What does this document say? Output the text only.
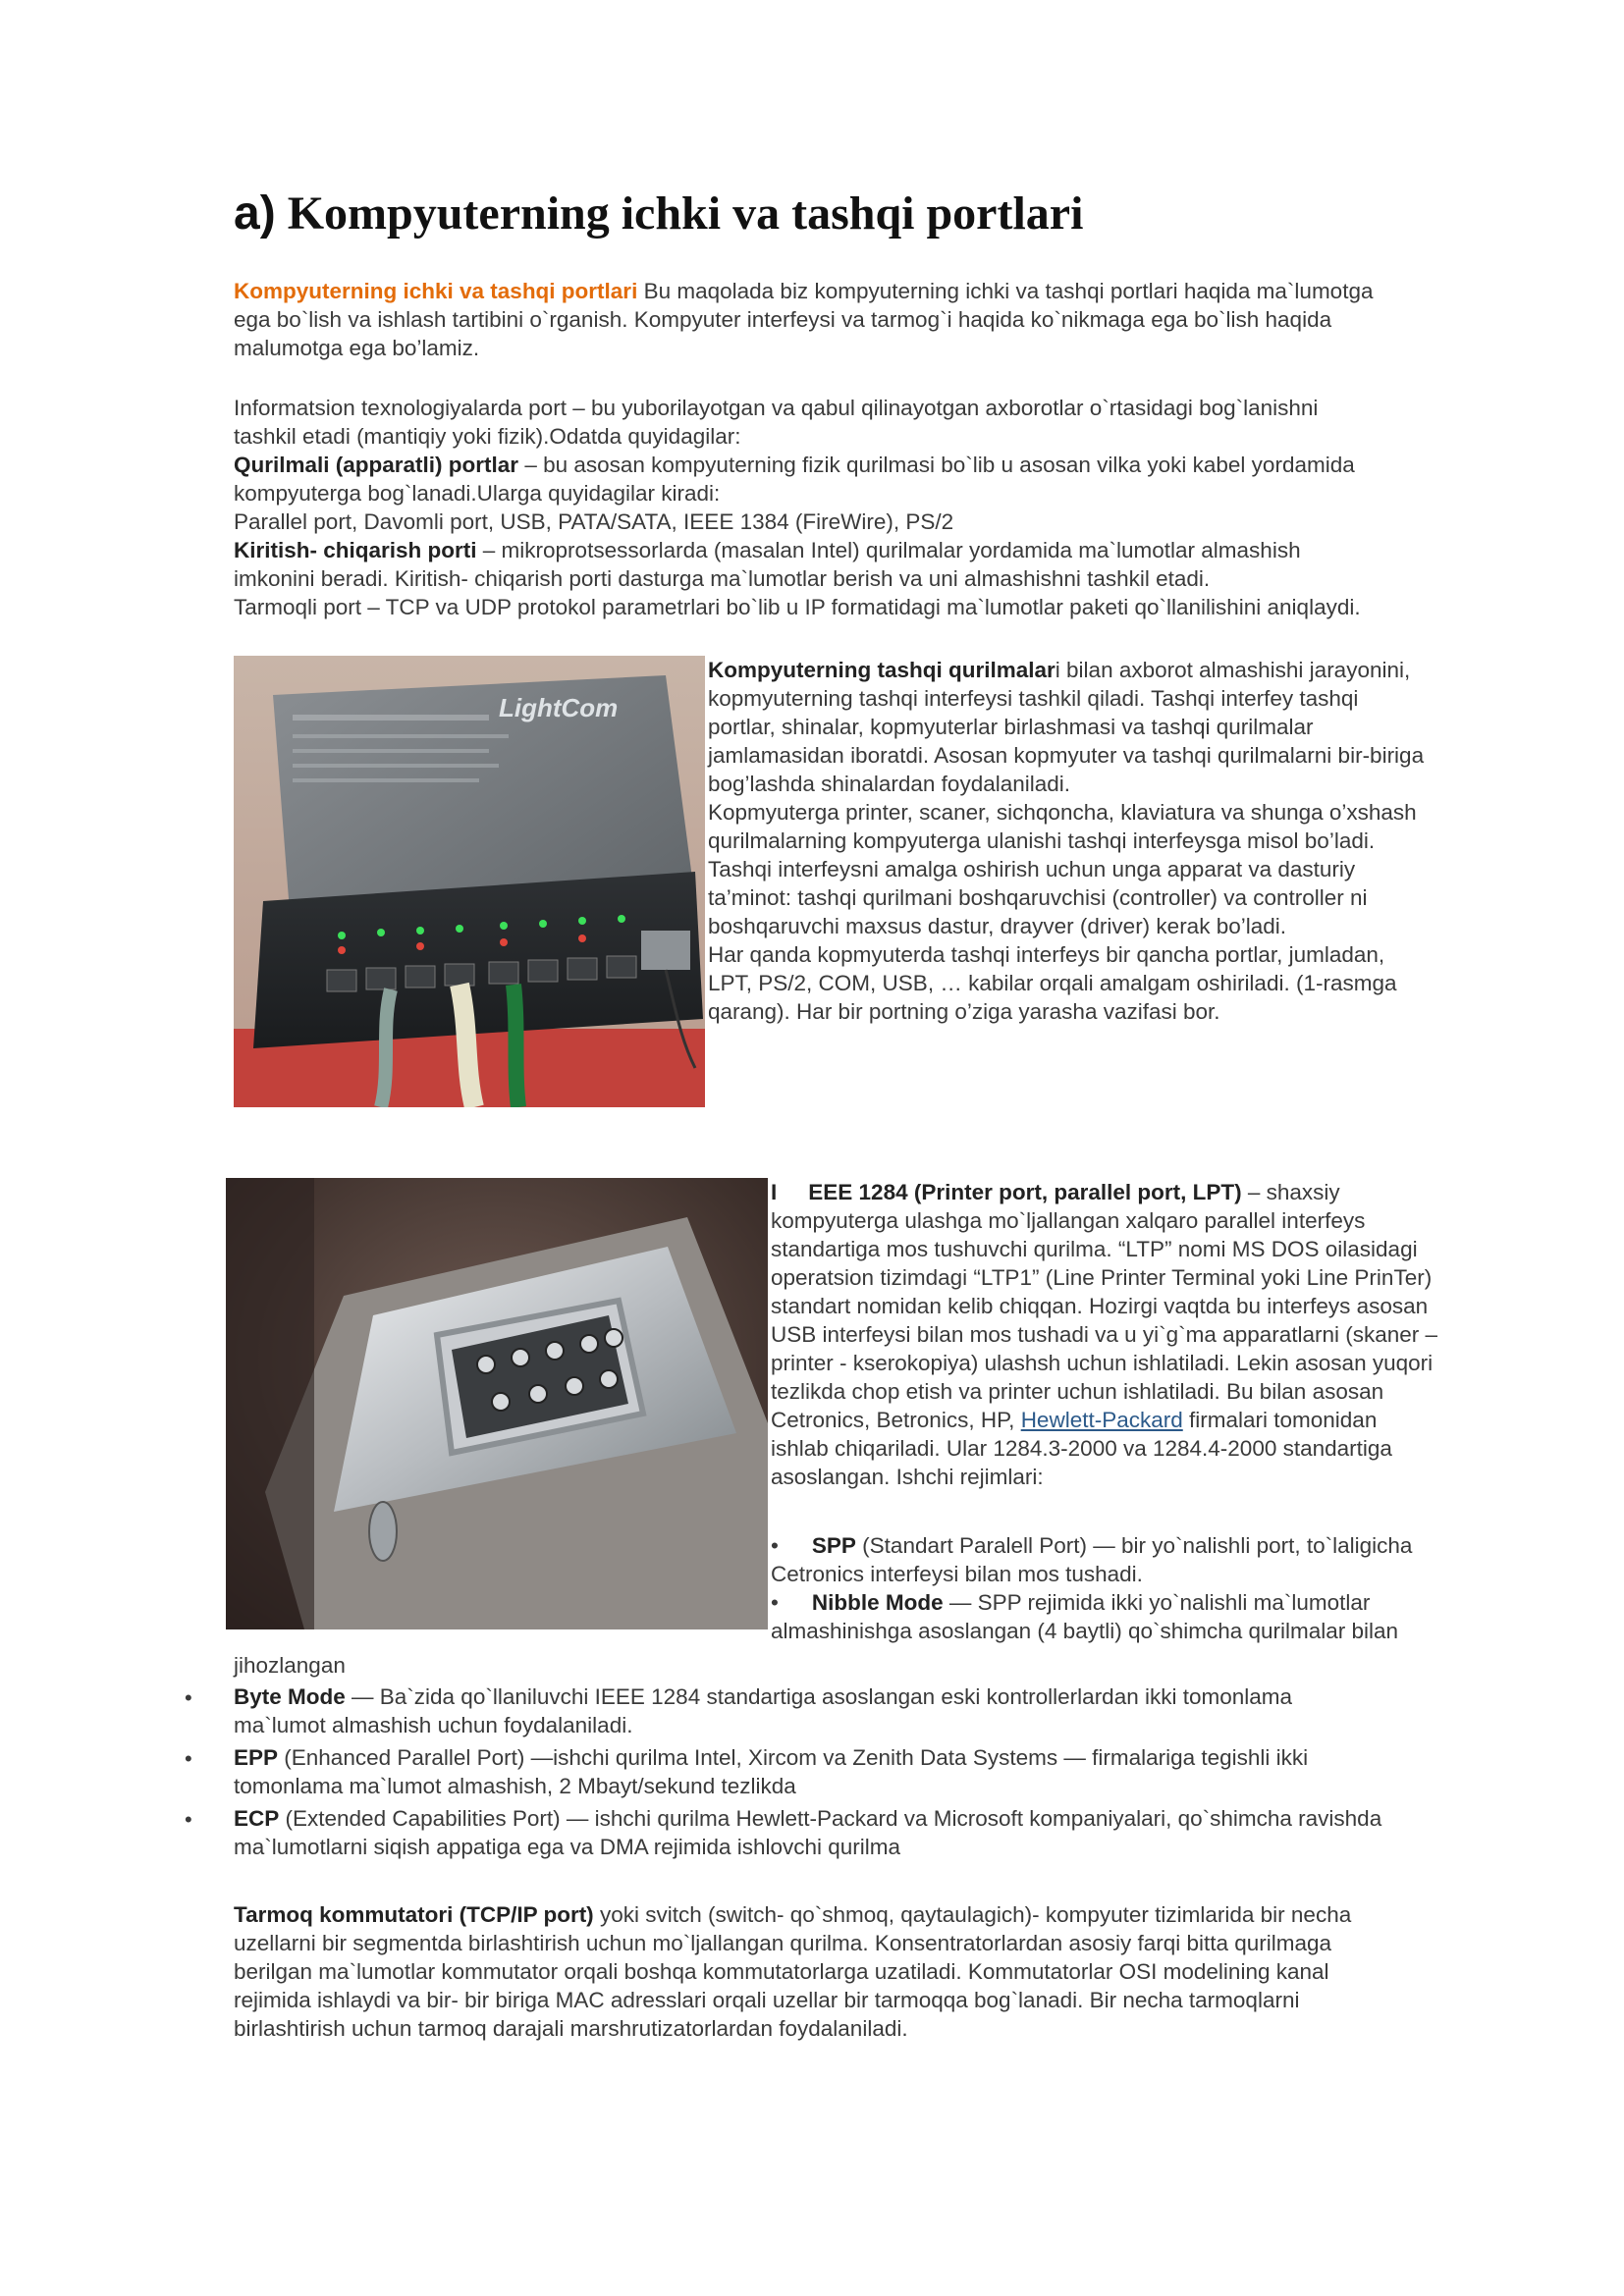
a) Kompyuterning ichki va tashqi portlari

Kompyuterning ichki va tashqi portlari Bu maqolada biz kompyuterning ichki va tashqi portlari haqida ma`lumotga

ega bo`lish va ishlash tartibini o`rganish. Kompyuter interfeysi va tarmog`i haqida ko`nikmaga ega bo`lish haqida

malumotga ega bo’lamiz.

Informatsion texnologiyalarda port – bu yuborilayotgan va qabul qilinayotgan axborotlar o`rtasidagi bog`lanishni

tashkil etadi (mantiqiy yoki fizik).Odatda quyidagilar:

Qurilmali (apparatli) portlar – bu asosan kompyuterning fizik qurilmasi bo`lib u asosan vilka yoki kabel yordamida

kompyuterga bog`lanadi.Ularga quyidagilar kiradi:

Parallel port, Davomli port, USB, PATA/SATA, IEEE 1384 (FireWire), PS/2

Kiritish- chiqarish porti – mikroprotsessorlarda (masalan Intel) qurilmalar yordamida ma`lumotlar almashish

imkonini beradi. Kiritish- chiqarish porti dasturga ma`lumotlar berish va uni almashishni tashkil etadi.

Tarmoqli port – TCP va UDP protokol parametrlari bo`lib u IP formatidagi ma`lumotlar paketi qo`llanilishini aniqlaydi.

LightCom

Kompyuterning tashqi qurilmalari bilan axborot almashishi jarayonini,

kopmyuterning tashqi interfeysi tashkil qiladi. Tashqi interfey tashqi

portlar, shinalar, kopmyuterlar birlashmasi va tashqi qurilmalar

jamlamasidan iboratdi. Asosan kopmyuter va tashqi qurilmalarni bir-biriga

bog’lashda shinalardan foydalaniladi.

Kopmyuterga printer, scaner, sichqoncha, klaviatura va shunga o’xshash

qurilmalarning kompyuterga ulanishi tashqi interfeysga misol bo’ladi.

Tashqi interfeysni amalga oshirish uchun unga apparat va dasturiy

ta’minot: tashqi qurilmani boshqaruvchisi (controller) va controller ni

boshqaruvchi maxsus dastur, drayver (driver) kerak bo’ladi.

Har qanda kopmyuterda tashqi interfeys bir qancha portlar, jumladan,

LPT, PS/2, COM, USB, … kabilar orqali amalgam oshiriladi. (1-rasmga

qarang). Har bir portning o’ziga yarasha vazifasi bor.

I EEE 1284 (Printer port, parallel port, LPT) – shaxsiy

kompyuterga ulashga mo`ljallangan xalqaro parallel interfeys

standartiga mos tushuvchi qurilma. “LTP” nomi MS DOS oilasidagi

operatsion tizimdagi “LTP1” (Line Printer Terminal yoki Line PrinTer)

standart nomidan kelib chiqqan. Hozirgi vaqtda bu interfeys asosan

USB interfeysi bilan mos tushadi va u yi`g`ma apparatlarni (skaner –

printer - kserokopiya) ulashsh uchun ishlatiladi. Lekin asosan yuqori

tezlikda chop etish va printer uchun ishlatiladi. Bu bilan asosan

Cetronics, Betronics, HP, Hewlett-Packard firmalari tomonidan

ishlab chiqariladi. Ular 1284.3-2000 va 1284.4-2000 standartiga

asoslangan. Ishchi rejimlari:

• SPP (Standart Paralell Port) — bir yo`nalishli port, to`laligicha

Cetronics interfeysi bilan mos tushadi.

• Nibble Mode — SPP rejimida ikki yo`nalishli ma`lumotlar

almashinishga asoslangan (4 baytli) qo`shimcha qurilmalar bilan

jihozlangan

• Byte Mode — Ba`zida qo`llaniluvchi IEEE 1284 standartiga asoslangan eski kontrollerlardan ikki tomonlama

ma`lumot almashish uchun foydalaniladi.

• EPP (Enhanced Parallel Port) —ishchi qurilma Intel, Xircom va Zenith Data Systems — firmalariga tegishli ikki

tomonlama ma`lumot almashish, 2 Mbayt/sekund tezlikda

• ECP (Extended Capabilities Port) — ishchi qurilma Hewlett-Packard va Microsoft kompaniyalari, qo`shimcha ravishda

ma`lumotlarni siqish appatiga ega va DMA rejimida ishlovchi qurilma

Tarmoq kommutatori (TCP/IP port) yoki svitch (switch- qo`shmoq, qaytaulagich)- kompyuter tizimlarida bir necha

uzellarni bir segmentda birlashtirish uchun mo`ljallangan qurilma. Konsentratorlardan asosiy farqi bitta qurilmaga

berilgan ma`lumotlar kommutator orqali boshqa kommutatorlarga uzatiladi. Kommutatorlar OSI modelining kanal

rejimida ishlaydi va bir- bir biriga MAC adresslari orqali uzellar bir tarmoqqa bog`lanadi. Bir necha tarmoqlarni

birlashtirish uchun tarmoq darajali marshrutizatorlardan foydalaniladi.
